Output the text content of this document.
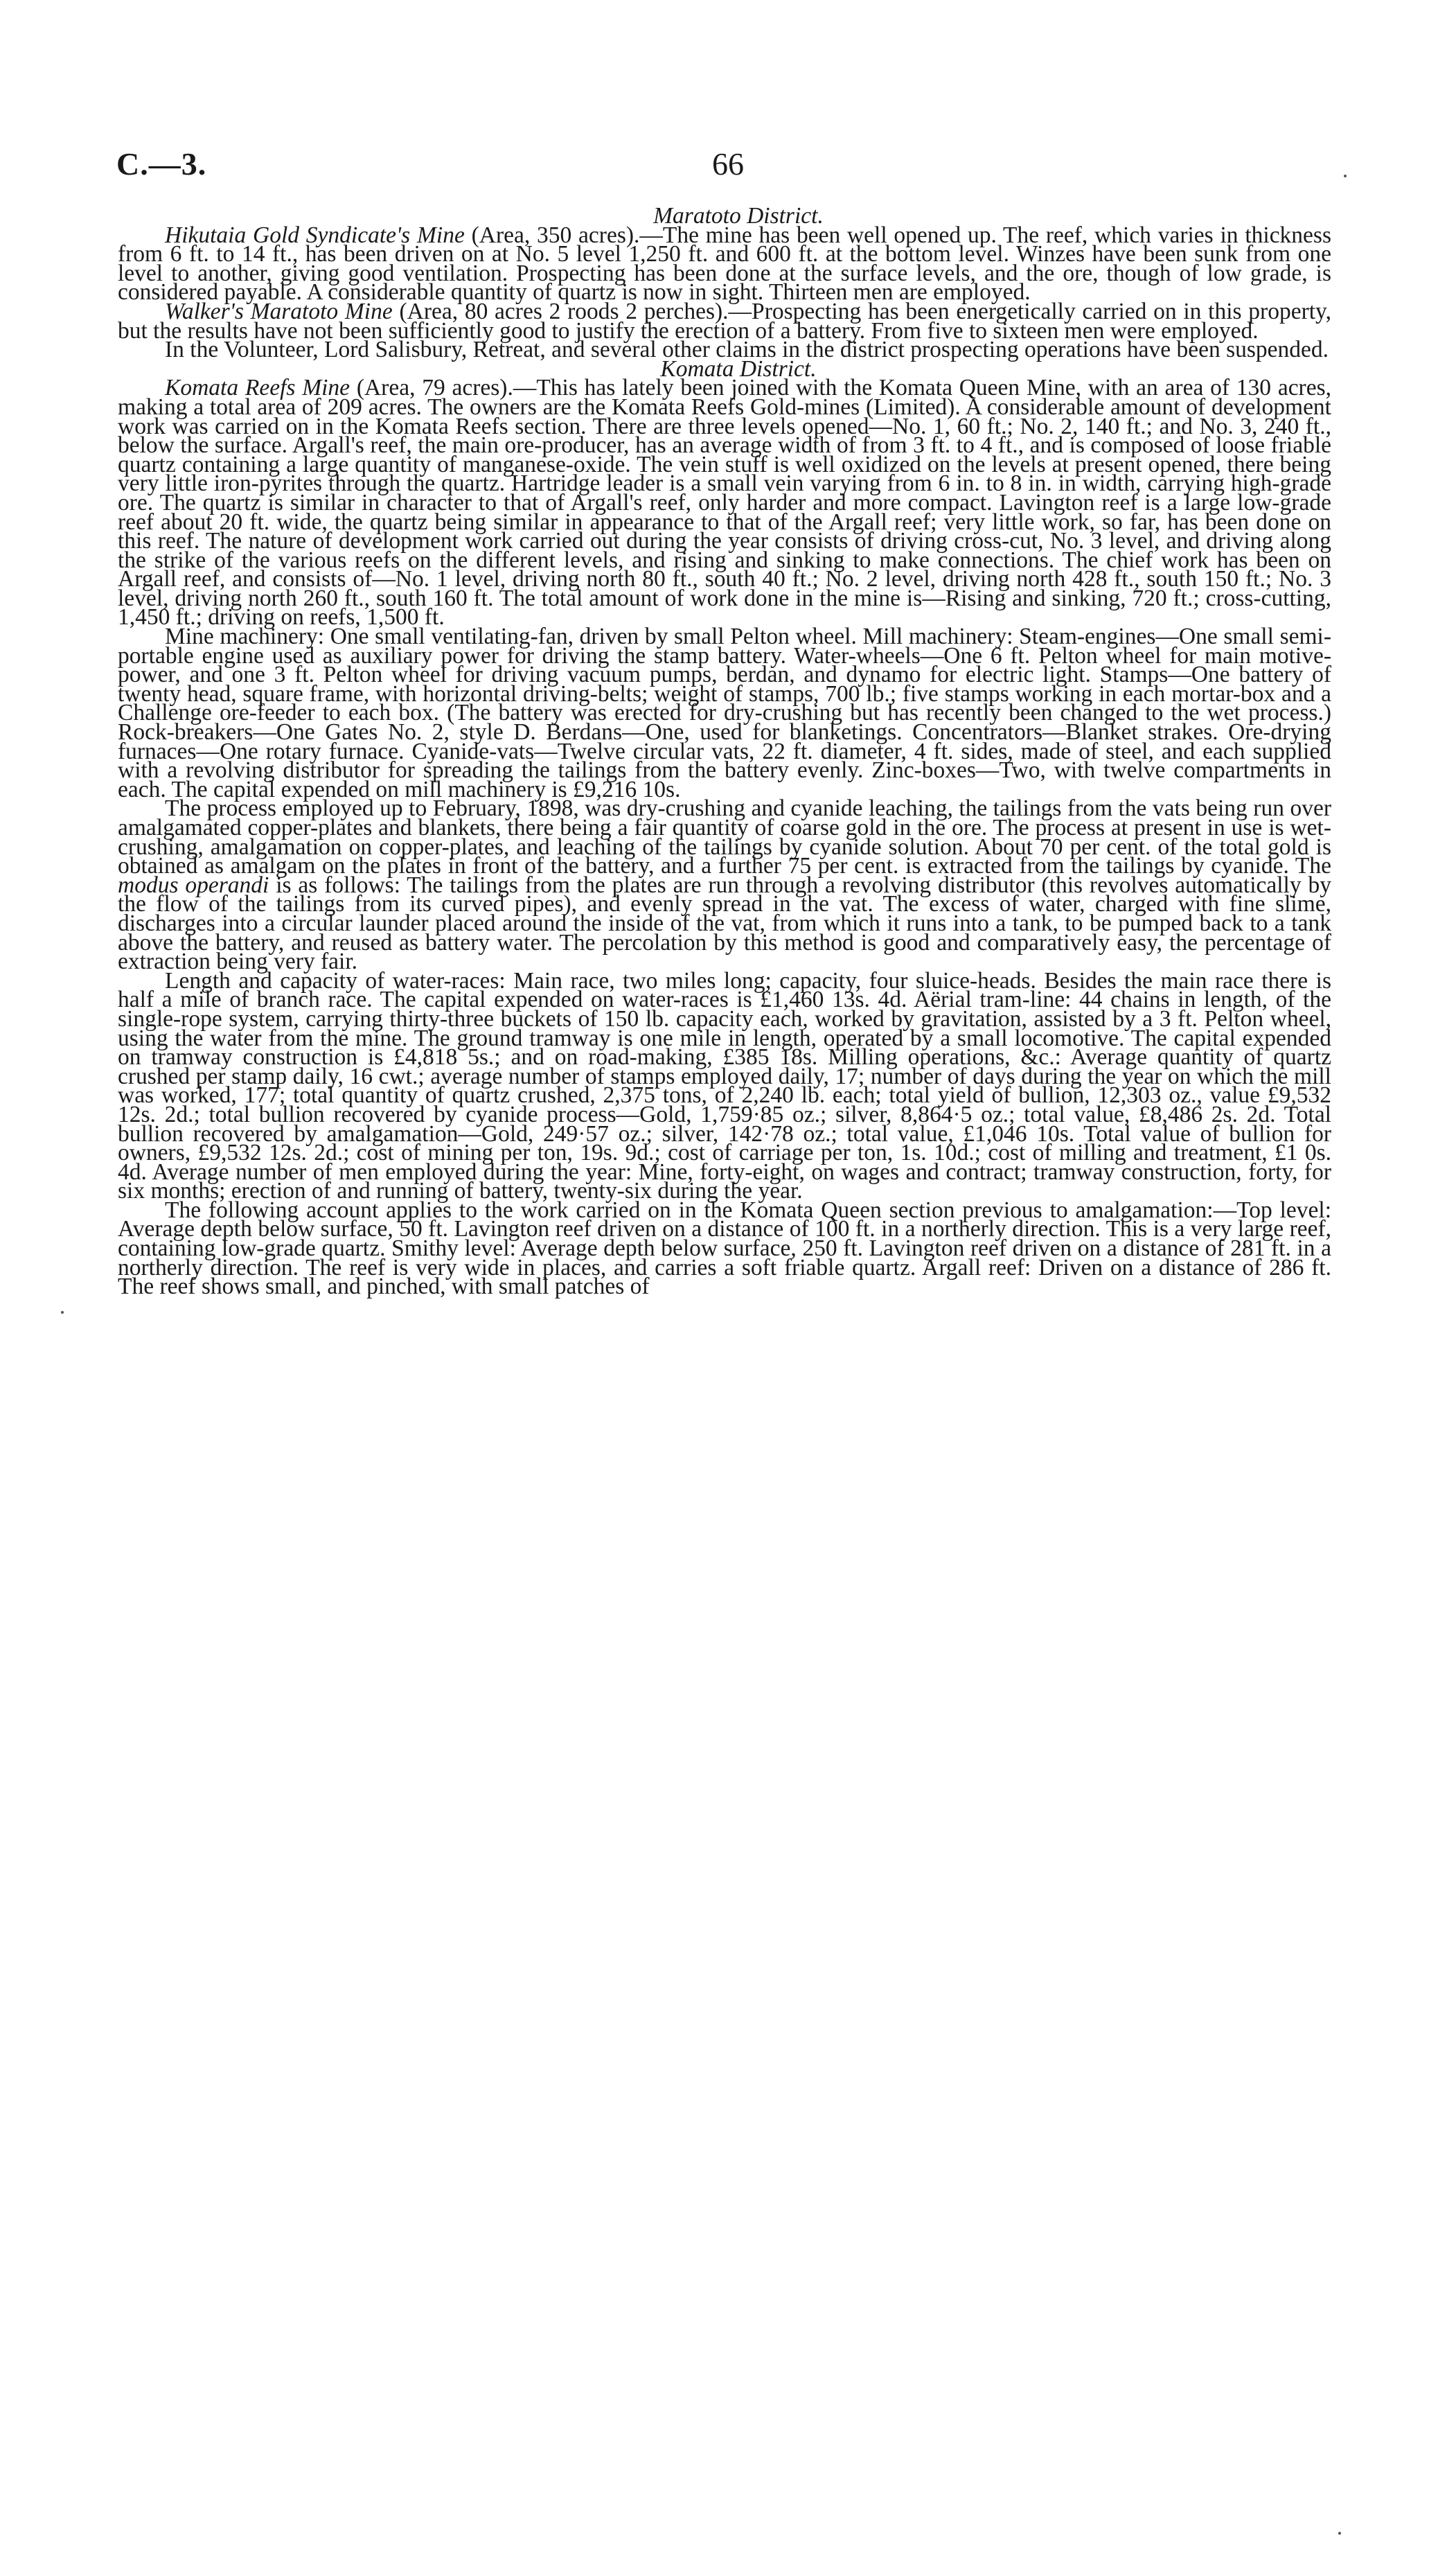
C.—3.	66
Maratoto District.

Hikutaia Gold Syndicate's Mine (Area, 350 acres).—The mine has been well opened up. The reef, which varies in thickness from 6 ft. to 14 ft., has been driven on at No. 5 level 1,250 ft. and 600 ft. at the bottom level. Winzes have been sunk from one level to another, giving good ventilation. Prospecting has been done at the surface levels, and the ore, though of low grade, is considered payable. A considerable quantity of quartz is now in sight. Thirteen men are employed.

Walker's Maratoto Mine (Area, 80 acres 2 roods 2 perches).—Prospecting has been energetically carried on in this property, but the results have not been sufficiently good to justify the erection of a battery. From five to sixteen men were employed.

In the Volunteer, Lord Salisbury, Retreat, and several other claims in the district prospecting operations have been suspended.

Komata District.

Komata Reefs Mine (Area, 79 acres).—This has lately been joined with the Komata Queen Mine, with an area of 130 acres, making a total area of 209 acres. The owners are the Komata Reefs Gold-mines (Limited). A considerable amount of development work was carried on in the Komata Reefs section. There are three levels opened—No. 1, 60 ft.; No. 2, 140 ft.; and No. 3, 240 ft., below the surface. Argall's reef, the main ore-producer, has an average width of from 3 ft. to 4 ft., and is composed of loose friable quartz containing a large quantity of manganese-oxide. The vein stuff is well oxidized on the levels at present opened, there being very little iron-pyrites through the quartz. Hartridge leader is a small vein varying from 6 in. to 8 in. in width, carrying high-grade ore. The quartz is similar in character to that of Argall's reef, only harder and more compact. Lavington reef is a large low-grade reef about 20 ft. wide, the quartz being similar in appearance to that of the Argall reef; very little work, so far, has been done on this reef. The nature of development work carried out during the year consists of driving cross-cut, No. 3 level, and driving along the strike of the various reefs on the different levels, and rising and sinking to make connections. The chief work has been on Argall reef, and consists of—No. 1 level, driving north 80 ft., south 40 ft.; No. 2 level, driving north 428 ft., south 150 ft.; No. 3 level, driving north 260 ft., south 160 ft. The total amount of work done in the mine is—Rising and sinking, 720 ft.; cross-cutting, 1,450 ft.; driving on reefs, 1,500 ft.

Mine machinery: One small ventilating-fan, driven by small Pelton wheel. Mill machinery: Steam-engines—One small semi-portable engine used as auxiliary power for driving the stamp battery. Water-wheels—One 6 ft. Pelton wheel for main motive-power, and one 3 ft. Pelton wheel for driving vacuum pumps, berdan, and dynamo for electric light. Stamps—One battery of twenty head, square frame, with horizontal driving-belts; weight of stamps, 700 lb.; five stamps working in each mortar-box and a Challenge ore-feeder to each box. (The battery was erected for dry-crushing but has recently been changed to the wet process.) Rock-breakers—One Gates No. 2, style D. Berdans—One, used for blanketings. Concentrators—Blanket strakes. Ore-drying furnaces—One rotary furnace. Cyanide-vats—Twelve circular vats, 22 ft. diameter, 4 ft. sides, made of steel, and each supplied with a revolving distributor for spreading the tailings from the battery evenly. Zinc-boxes—Two, with twelve compartments in each. The capital expended on mill machinery is £9,216 10s.

The process employed up to February, 1898, was dry-crushing and cyanide leaching, the tailings from the vats being run over amalgamated copper-plates and blankets, there being a fair quantity of coarse gold in the ore. The process at present in use is wet-crushing, amalgamation on copper-plates, and leaching of the tailings by cyanide solution. About 70 per cent. of the total gold is obtained as amalgam on the plates in front of the battery, and a further 75 per cent. is extracted from the tailings by cyanide. The modus operandi is as follows: The tailings from the plates are run through a revolving distributor (this revolves automatically by the flow of the tailings from its curved pipes), and evenly spread in the vat. The excess of water, charged with fine slime, discharges into a circular launder placed around the inside of the vat, from which it runs into a tank, to be pumped back to a tank above the battery, and reused as battery water. The percolation by this method is good and comparatively easy, the percentage of extraction being very fair.

Length and capacity of water-races: Main race, two miles long; capacity, four sluice-heads. Besides the main race there is half a mile of branch race. The capital expended on water-races is £1,460 13s. 4d. Aërial tram-line: 44 chains in length, of the single-rope system, carrying thirty-three buckets of 150 lb. capacity each, worked by gravitation, assisted by a 3 ft. Pelton wheel, using the water from the mine. The ground tramway is one mile in length, operated by a small locomotive. The capital expended on tramway construction is £4,818 5s.; and on road-making, £385 18s. Milling operations, &c.: Average quantity of quartz crushed per stamp daily, 16 cwt.; average number of stamps employed daily, 17; number of days during the year on which the mill was worked, 177; total quantity of quartz crushed, 2,375 tons, of 2,240 lb. each; total yield of bullion, 12,303 oz., value £9,532 12s. 2d.; total bullion recovered by cyanide process—Gold, 1,759·85 oz.; silver, 8,864·5 oz.; total value, £8,486 2s. 2d. Total bullion recovered by amalgamation—Gold, 249·57 oz.; silver, 142·78 oz.; total value, £1,046 10s. Total value of bullion for owners, £9,532 12s. 2d.; cost of mining per ton, 19s. 9d.; cost of carriage per ton, 1s. 10d.; cost of milling and treatment, £1 0s. 4d. Average number of men employed during the year: Mine, forty-eight, on wages and contract; tramway construction, forty, for six months; erection of and running of battery, twenty-six during the year.

The following account applies to the work carried on in the Komata Queen section previous to amalgamation:—Top level: Average depth below surface, 50 ft. Lavington reef driven on a distance of 100 ft. in a northerly direction. This is a very large reef, containing low-grade quartz. Smithy level: Average depth below surface, 250 ft. Lavington reef driven on a distance of 281 ft. in a northerly direction. The reef is very wide in places, and carries a soft friable quartz. Argall reef: Driven on a distance of 286 ft. The reef shows small, and pinched, with small patches of
